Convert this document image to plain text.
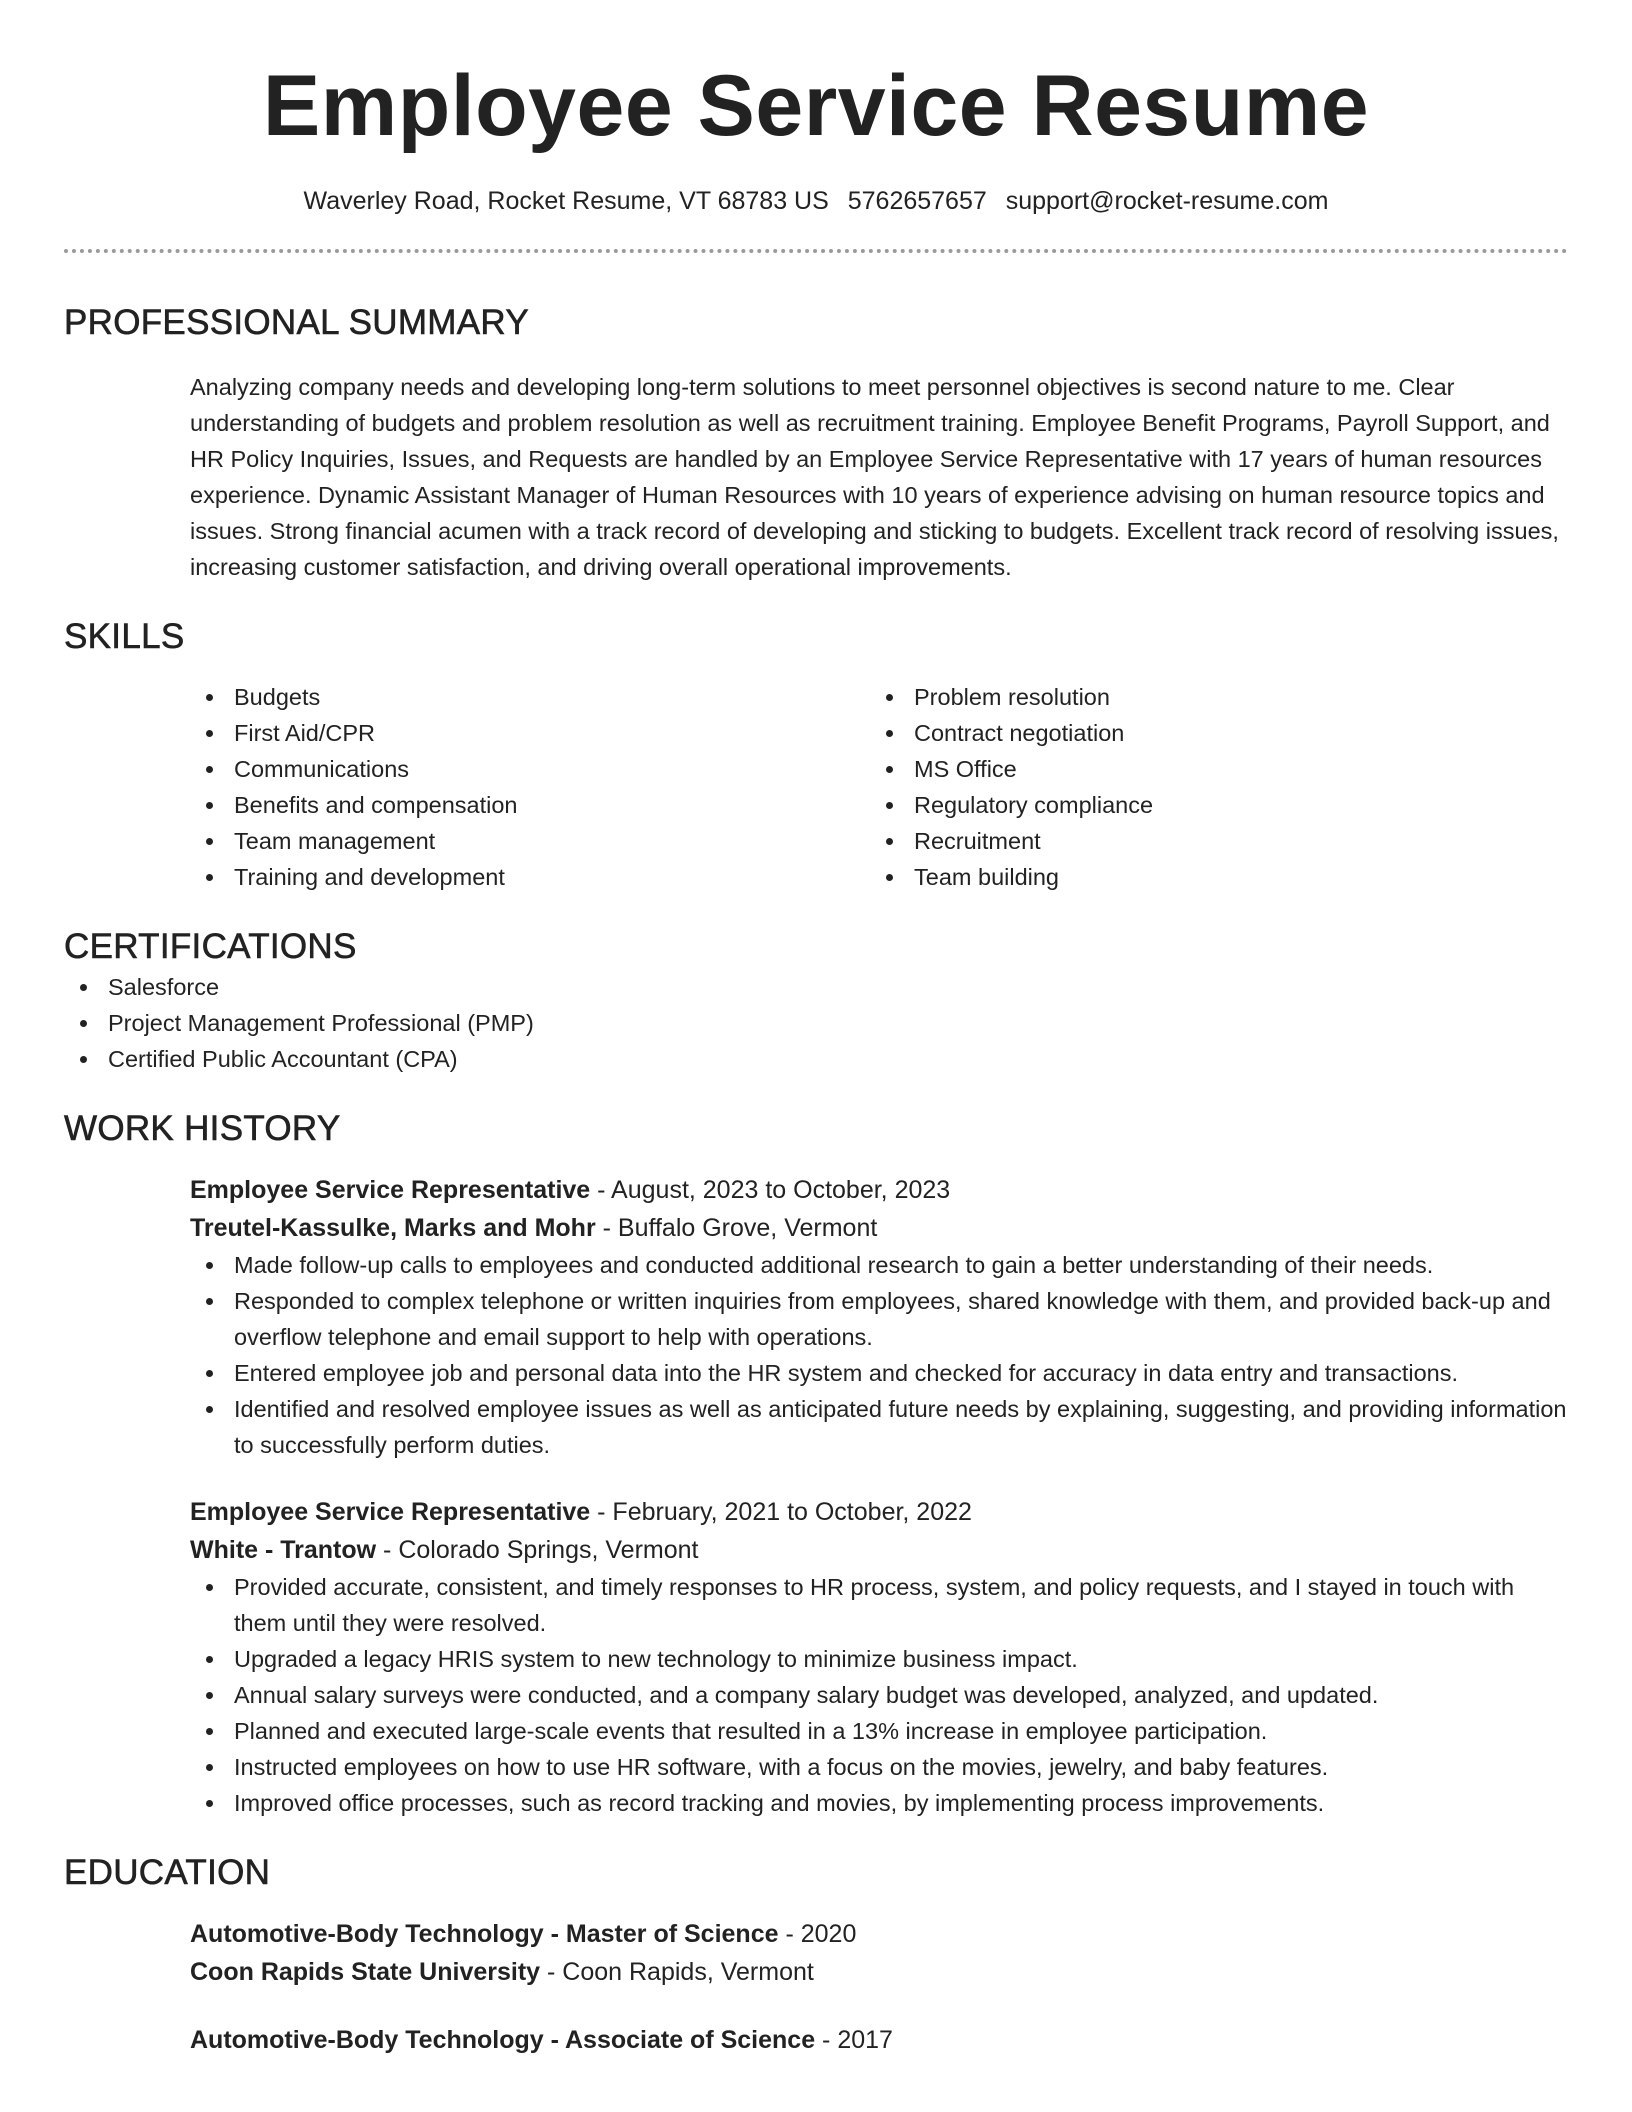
Employee Service Resume
Waverley Road, Rocket Resume, VT 68783 US 5762657657 support@rocket-resume.com
PROFESSIONAL SUMMARY

Analyzing company needs and developing long-term solutions to meet personnel objectives is second nature to me. Clear understanding of budgets and problem resolution as well as recruitment training. Employee Benefit Programs, Payroll Support, and HR Policy Inquiries, Issues, and Requests are handled by an Employee Service Representative with 17 years of human resources experience. Dynamic Assistant Manager of Human Resources with 10 years of experience advising on human resource topics and issues. Strong financial acumen with a track record of developing and sticking to budgets. Excellent track record of resolving issues, increasing customer satisfaction, and driving overall operational improvements.

SKILLS
Budgets
First Aid/CPR
Communications
Benefits and compensation
Team management
Training and development
Problem resolution
Contract negotiation
MS Office
Regulatory compliance
Recruitment
Team building
CERTIFICATIONS
Salesforce
Project Management Professional (PMP)
Certified Public Accountant (CPA)
WORK HISTORY
Employee Service Representative - August, 2023 to October, 2023
Treutel-Kassulke, Marks and Mohr - Buffalo Grove, Vermont
Made follow-up calls to employees and conducted additional research to gain a better understanding of their needs.
Responded to complex telephone or written inquiries from employees, shared knowledge with them, and provided back-up and overflow telephone and email support to help with operations.
Entered employee job and personal data into the HR system and checked for accuracy in data entry and transactions.
Identified and resolved employee issues as well as anticipated future needs by explaining, suggesting, and providing information to successfully perform duties.
Employee Service Representative - February, 2021 to October, 2022
White - Trantow - Colorado Springs, Vermont
Provided accurate, consistent, and timely responses to HR process, system, and policy requests, and I stayed in touch with them until they were resolved.
Upgraded a legacy HRIS system to new technology to minimize business impact.
Annual salary surveys were conducted, and a company salary budget was developed, analyzed, and updated.
Planned and executed large-scale events that resulted in a 13% increase in employee participation.
Instructed employees on how to use HR software, with a focus on the movies, jewelry, and baby features.
Improved office processes, such as record tracking and movies, by implementing process improvements.
EDUCATION
Automotive-Body Technology - Master of Science - 2020
Coon Rapids State University - Coon Rapids, Vermont
Automotive-Body Technology - Associate of Science - 2017
